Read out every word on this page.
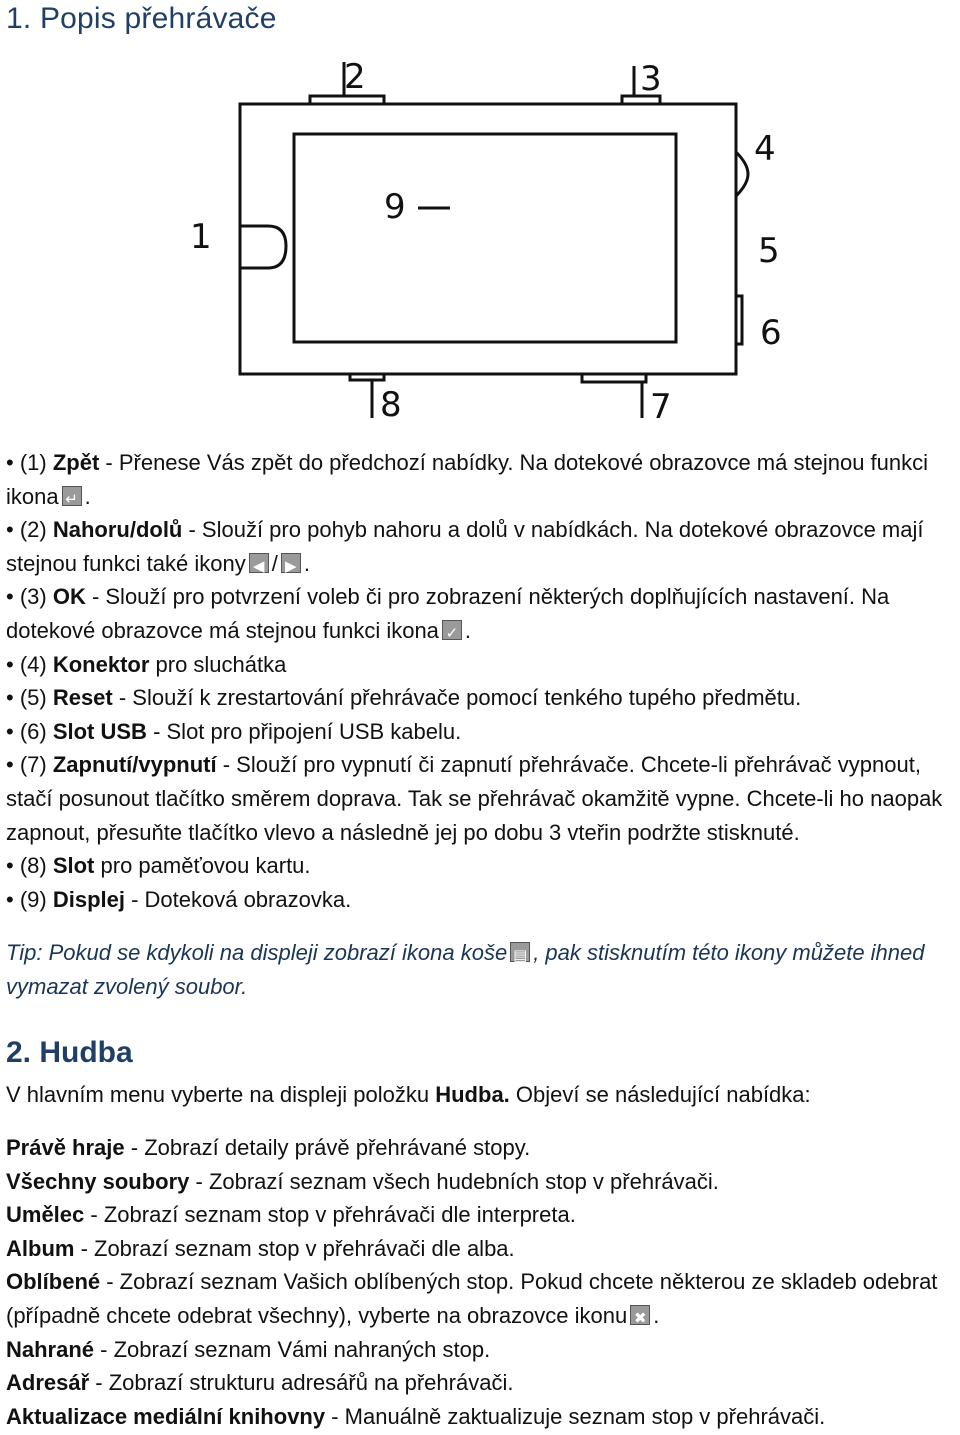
1. Popis přehrávače
1
2	3
4
5
6
7
8
9

• (1) Zpět - Přenese Vás zpět do předchozí nabídky. Na dotekové obrazovce má stejnou funkci ikona ↵ .

• (2) Nahoru/dolů - Slouží pro pohyb nahoru a dolů v nabídkách. Na dotekové obrazovce mají stejnou funkci také ikony ◀ / ▶ .

• (3) OK - Slouží pro potvrzení voleb či pro zobrazení některých doplňujících nastavení. Na dotekové obrazovce má stejnou funkci ikona ✓ .

• (4) Konektor pro sluchátka

• (5) Reset - Slouží k zrestartování přehrávače pomocí tenkého tupého předmětu.

• (6) Slot USB - Slot pro připojení USB kabelu.

• (7) Zapnutí/vypnutí - Slouží pro vypnutí či zapnutí přehrávače. Chcete-li přehrávač vypnout, stačí posunout tlačítko směrem doprava. Tak se přehrávač okamžitě vypne. Chcete-li ho naopak zapnout, přesuňte tlačítko vlevo a následně jej po dobu 3 vteřin podržte stisknuté.

• (8) Slot pro paměťovou kartu.

• (9) Displej - Doteková obrazovka.

Tip: Pokud se kdykoli na displeji zobrazí ikona koše ▤ , pak stisknutím této ikony můžete ihned vymazat zvolený soubor.

2. Hudba

V hlavním menu vyberte na displeji položku Hudba. Objeví se následující nabídka:

Právě hraje - Zobrazí detaily právě přehrávané stopy.

Všechny soubory - Zobrazí seznam všech hudebních stop v přehrávači.

Umělec - Zobrazí seznam stop v přehrávači dle interpreta.

Album - Zobrazí seznam stop v přehrávači dle alba.

Oblíbené - Zobrazí seznam Vašich oblíbených stop. Pokud chcete některou ze skladeb odebrat (případně chcete odebrat všechny), vyberte na obrazovce ikonu ✖ .

Nahrané - Zobrazí seznam Vámi nahraných stop.

Adresář - Zobrazí strukturu adresářů na přehrávači.

Aktualizace mediální knihovny - Manuálně zaktualizuje seznam stop v přehrávači.
